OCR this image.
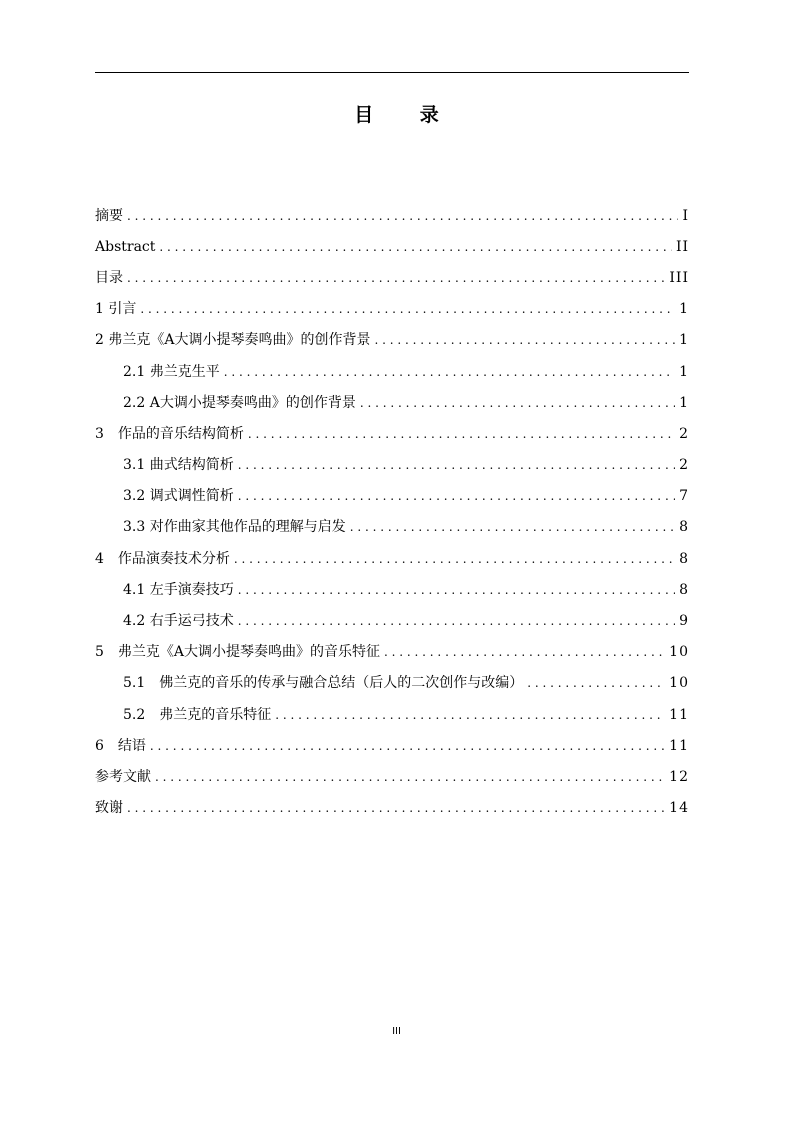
目 录
摘要 . . .	I
Abstract . . .	II
目录 . . .	III
1 引言 . . .	1
2 弗兰克《A大调小提琴奏鸣曲》的创作背景 . . .	1
2.1 弗兰克生平 . . .	1
2.2 A大调小提琴奏鸣曲》的创作背景 . . .	1
3　作品的音乐结构简析 . . .	2
3.1 曲式结构简析 . . .	2
3.2 调式调性简析 . . .	7
3.3 对作曲家其他作品的理解与启发 . . .	8
4　作品演奏技术分析 . . .	8
4.1 左手演奏技巧 . . .	8
4.2 右手运弓技术 . . .	9
5　弗兰克《A大调小提琴奏鸣曲》的音乐特征 . . .	10
5.1　佛兰克的音乐的传承与融合总结（后人的二次创作与改编） . . .	10
5.2　弗兰克的音乐特征 . . .	11
6　结语 . . .	11
参考文献 . . .	12
致谢 . . .	14
III
